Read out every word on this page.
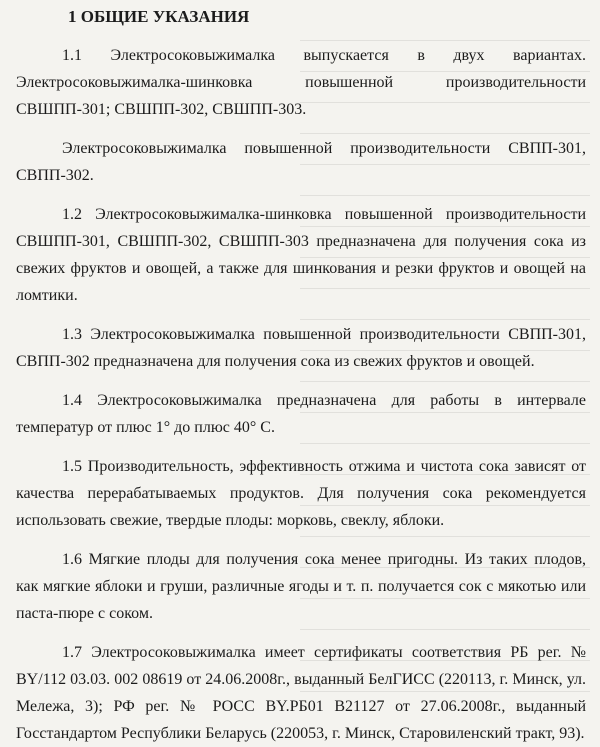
1 ОБЩИЕ УКАЗАНИЯ

1.1 Электросоковыжималка выпускается в двух вариантах. Электросоковыжималка-шинковка повышенной производительности СВШПП-301; СВШПП-302, СВШПП-303.

Электросоковыжималка повышенной производительности СВПП-301, СВПП-302.

1.2 Электросоковыжималка-шинковка повышенной производительности СВШПП-301, СВШПП-302, СВШПП-303 предназначена для получения сока из свежих фруктов и овощей, а также для шинкования и резки фруктов и овощей на ломтики.

1.3 Электросоковыжималка повышенной производительности СВПП-301, СВПП-302 предназначена для получения сока из свежих фруктов и овощей.

1.4 Электросоковыжималка предназначена для работы в интервале температур от плюс 1° до плюс 40° С.

1.5 Производительность, эффективность отжима и чистота сока зависят от качества перерабатываемых продуктов. Для получения сока рекомендуется использовать свежие, твердые плоды: морковь, свеклу, яблоки.

1.6 Мягкие плоды для получения сока менее пригодны. Из таких плодов, как мягкие яблоки и груши, различные ягоды и т. п. получается сок с мякотью или паста-пюре с соком.

1.7 Электросоковыжималка имеет сертификаты соответствия РБ рег. № ВY/112 03.03. 002 08619 от 24.06.2008г., выданный БелГИСС (220113, г. Минск, ул. Мележа, 3); РФ рег. № РОСС ВY.РБ01 В21127 от 27.06.2008г., выданный Госстандартом Республики Беларусь (220053, г. Минск, Старовиленский тракт, 93).
